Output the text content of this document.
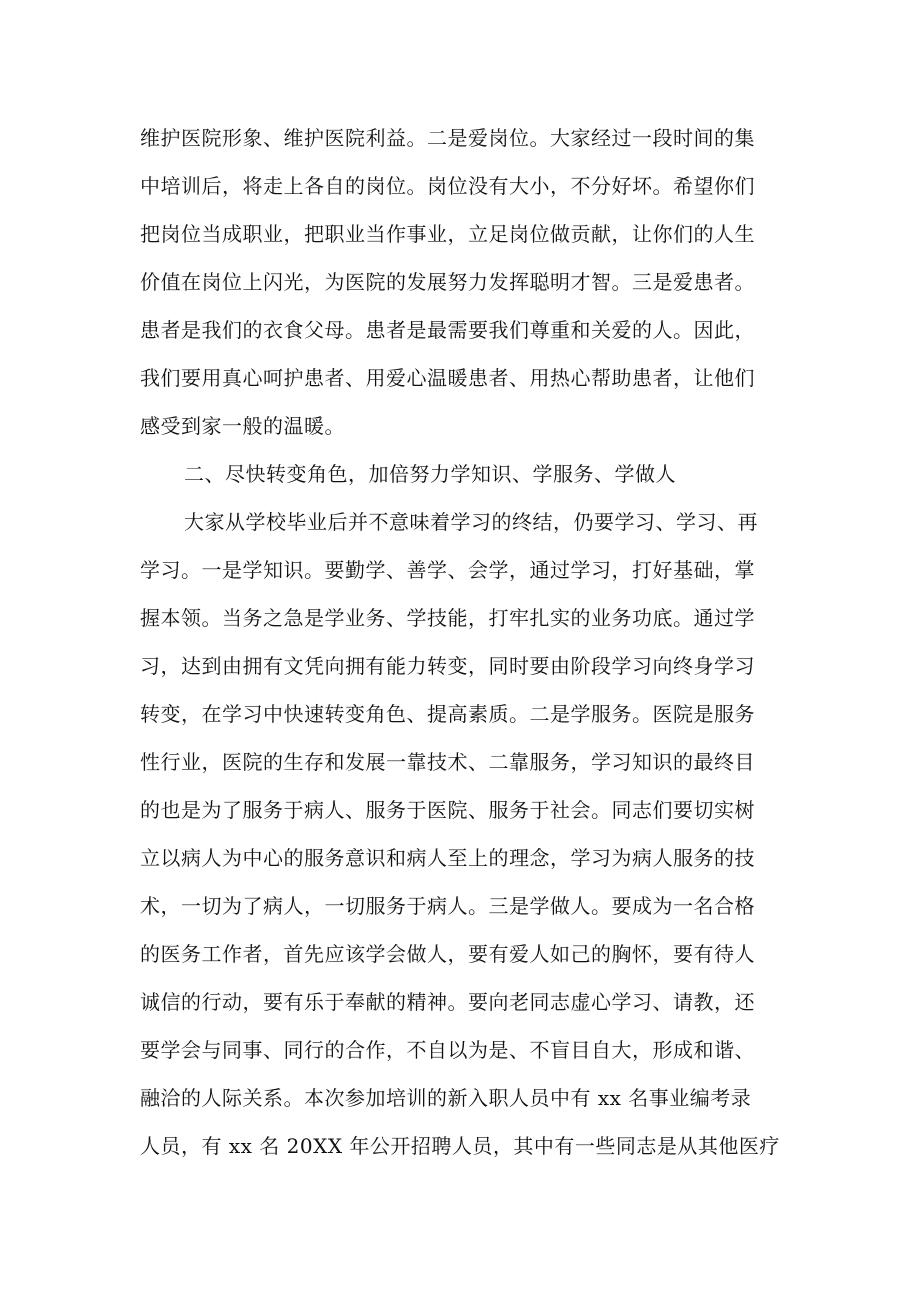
维护医院形象、维护医院利益。二是爱岗位。大家经过一段时间的集
中培训后，将走上各自的岗位。岗位没有大小，不分好坏。希望你们
把岗位当成职业，把职业当作事业，立足岗位做贡献，让你们的人生
价值在岗位上闪光，为医院的发展努力发挥聪明才智。三是爱患者。
患者是我们的衣食父母。患者是最需要我们尊重和关爱的人。因此，
我们要用真心呵护患者、用爱心温暖患者、用热心帮助患者，让他们
感受到家一般的温暖。
二、尽快转变角色，加倍努力学知识、学服务、学做人
大家从学校毕业后并不意味着学习的终结，仍要学习、学习、再
学习。一是学知识。要勤学、善学、会学，通过学习，打好基础，掌
握本领。当务之急是学业务、学技能，打牢扎实的业务功底。通过学
习，达到由拥有文凭向拥有能力转变，同时要由阶段学习向终身学习
转变，在学习中快速转变角色、提高素质。二是学服务。医院是服务
性行业，医院的生存和发展一靠技术、二靠服务，学习知识的最终目
的也是为了服务于病人、服务于医院、服务于社会。同志们要切实树
立以病人为中心的服务意识和病人至上的理念，学习为病人服务的技
术，一切为了病人，一切服务于病人。三是学做人。要成为一名合格
的医务工作者，首先应该学会做人，要有爱人如己的胸怀，要有待人
诚信的行动，要有乐于奉献的精神。要向老同志虚心学习、请教，还
要学会与同事、同行的合作，不自以为是、不盲目自大，形成和谐、
融洽的人际关系。本次参加培训的新入职人员中有 xx 名事业编考录
人员，有 xx 名 20XX 年公开招聘人员，其中有一些同志是从其他医疗
